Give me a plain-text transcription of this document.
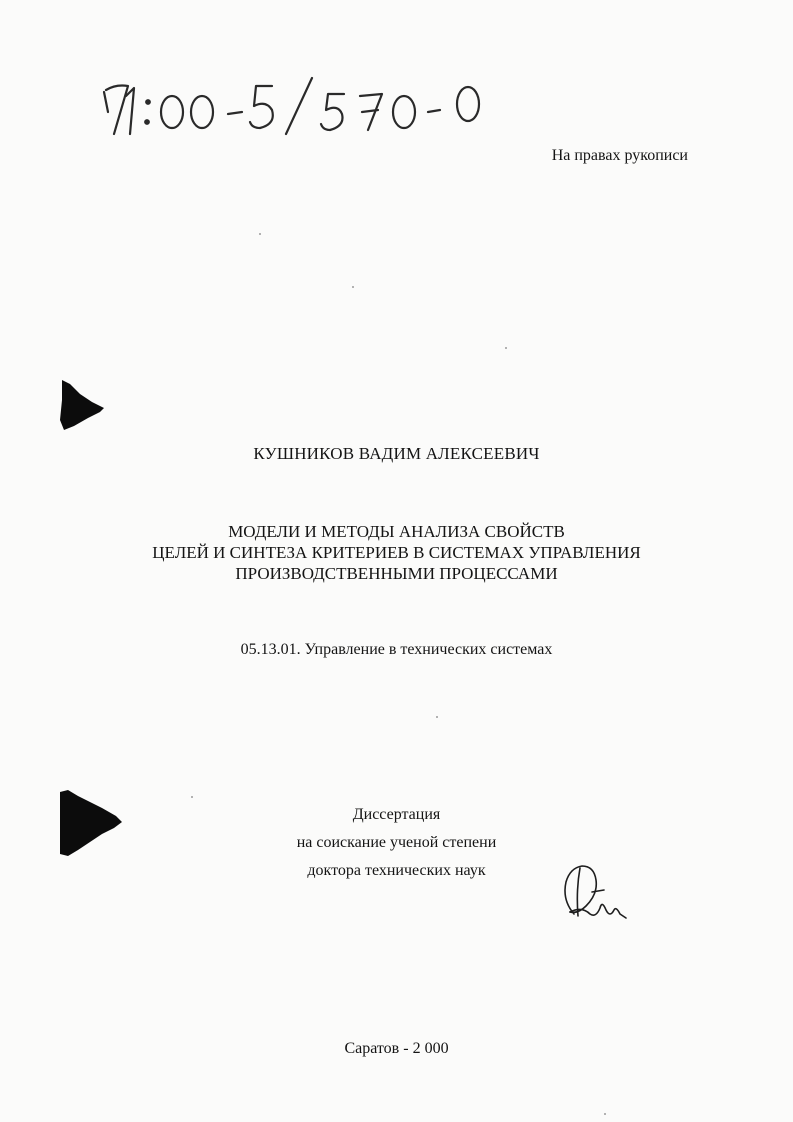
На правах рукописи
КУШНИКОВ ВАДИМ АЛЕКСЕЕВИЧ
МОДЕЛИ И МЕТОДЫ АНАЛИЗА СВОЙСТВ
ЦЕЛЕЙ И СИНТЕЗА КРИТЕРИЕВ В СИСТЕМАХ УПРАВЛЕНИЯ
ПРОИЗВОДСТВЕННЫМИ ПРОЦЕССАМИ
05.13.01. Управление в технических системах
Диссертация
на соискание ученой степени
доктора технических наук
Саратов - 2 000
